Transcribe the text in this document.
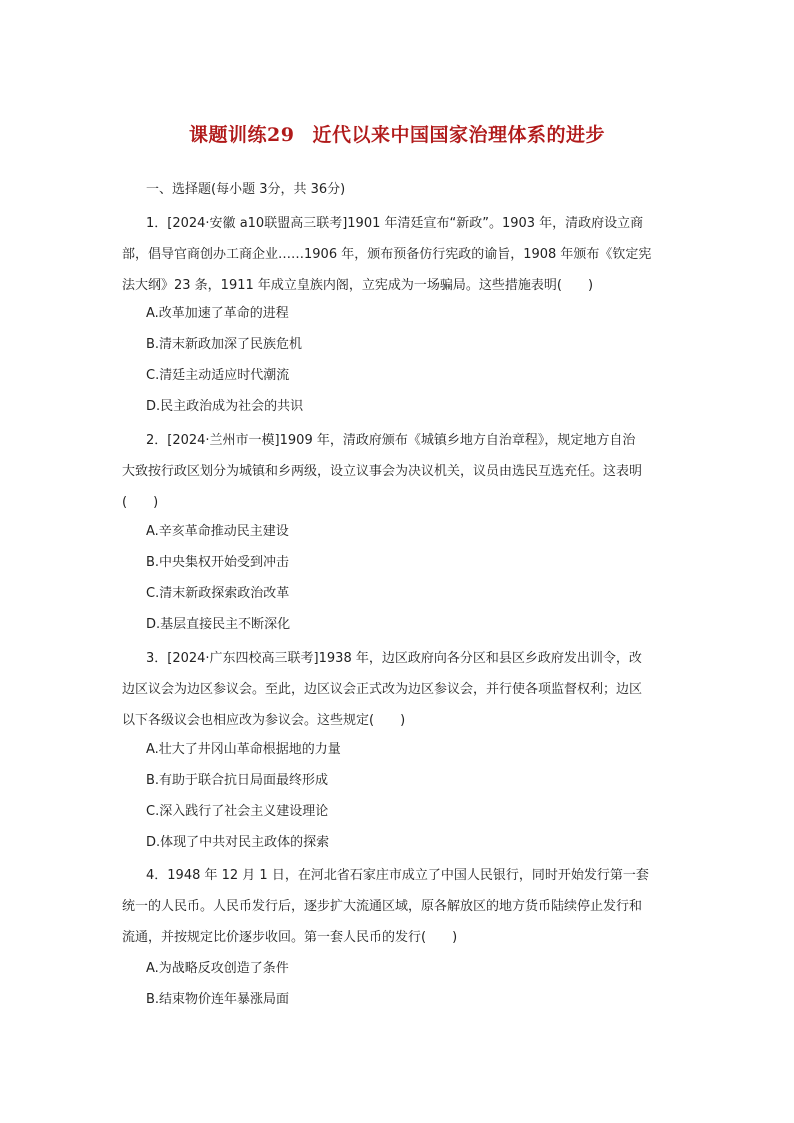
课题训练29 近代以来中国国家治理体系的进步
一、选择题(每小题 3分，共 36分)
1．[2024·安徽 a10联盟高三联考]1901 年清廷宣布“新政”。1903 年，清政府设立商
部，倡导官商创办工商企业……1906 年，颁布预备仿行宪政的谕旨，1908 年颁布《钦定宪
法大纲》23 条，1911 年成立皇族内阁，立宪成为一场骗局。这些措施表明(　　)
A.改革加速了革命的进程
B.清末新政加深了民族危机
C.清廷主动适应时代潮流
D.民主政治成为社会的共识
2．[2024·兰州市一模]1909 年，清政府颁布《城镇乡地方自治章程》，规定地方自治
大致按行政区划分为城镇和乡两级，设立议事会为决议机关，议员由选民互选充任。这表明
(　　)
A.辛亥革命推动民主建设
B.中央集权开始受到冲击
C.清末新政探索政治改革
D.基层直接民主不断深化
3．[2024·广东四校高三联考]1938 年，边区政府向各分区和县区乡政府发出训令，改
边区议会为边区参议会。至此，边区议会正式改为边区参议会，并行使各项监督权利；边区
以下各级议会也相应改为参议会。这些规定(　　)
A.壮大了井冈山革命根据地的力量
B.有助于联合抗日局面最终形成
C.深入践行了社会主义建设理论
D.体现了中共对民主政体的探索
4．1948 年 12 月 1 日，在河北省石家庄市成立了中国人民银行，同时开始发行第一套
统一的人民币。人民币发行后，逐步扩大流通区域，原各解放区的地方货币陆续停止发行和
流通，并按规定比价逐步收回。第一套人民币的发行(　　)
A.为战略反攻创造了条件
B.结束物价连年暴涨局面
